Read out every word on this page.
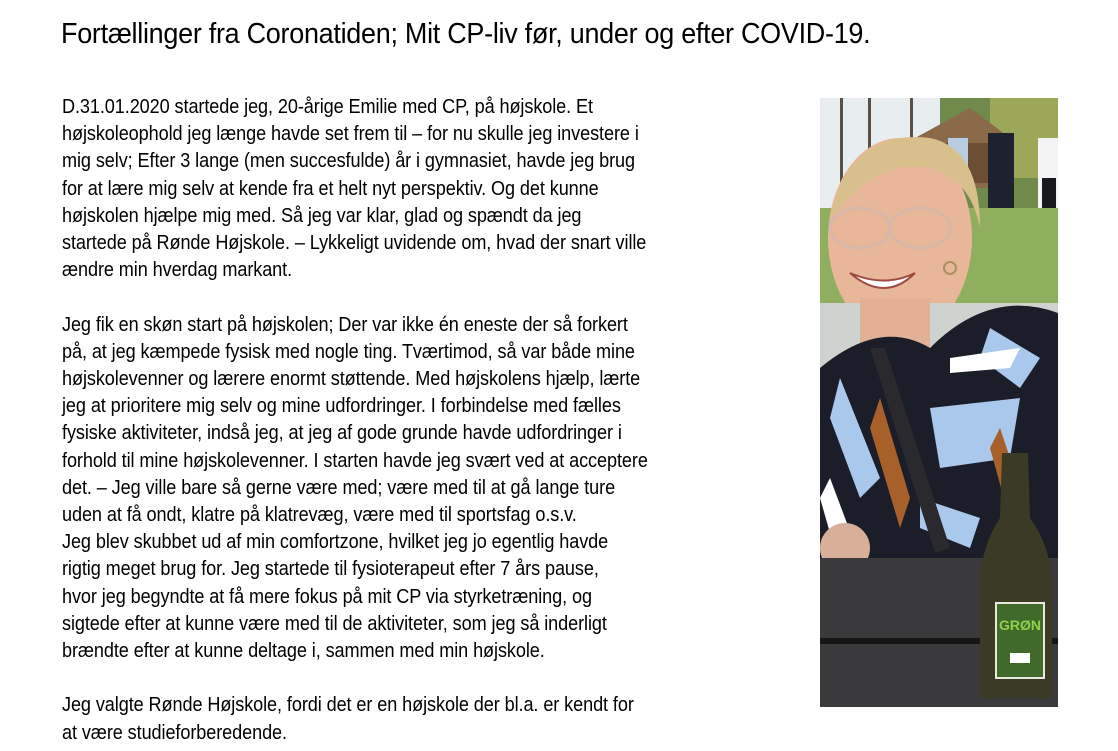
Fortællinger fra Coronatiden; Mit CP-liv før, under og efter COVID-19.
D.31.01.2020 startede jeg, 20-årige Emilie med CP, på højskole. Et
højskoleophold jeg længe havde set frem til – for nu skulle jeg investere i
mig selv; Efter 3 lange (men succesfulde) år i gymnasiet, havde jeg brug
for at lære mig selv at kende fra et helt nyt perspektiv. Og det kunne
højskolen hjælpe mig med. Så jeg var klar, glad og spændt da jeg
startede på Rønde Højskole. – Lykkeligt uvidende om, hvad der snart ville
ændre min hverdag markant.
Jeg fik en skøn start på højskolen; Der var ikke én eneste der så forkert
på, at jeg kæmpede fysisk med nogle ting. Tværtimod, så var både mine
højskolevenner og lærere enormt støttende. Med højskolens hjælp, lærte
jeg at prioritere mig selv og mine udfordringer. I forbindelse med fælles
fysiske aktiviteter, indså jeg, at jeg af gode grunde havde udfordringer i
forhold til mine højskolevenner. I starten havde jeg svært ved at acceptere
det. – Jeg ville bare så gerne være med; være med til at gå lange ture
uden at få ondt, klatre på klatrevæg, være med til sportsfag o.s.v.
Jeg blev skubbet ud af min comfortzone, hvilket jeg jo egentlig havde
rigtig meget brug for. Jeg startede til fysioterapeut efter 7 års pause,
hvor jeg begyndte at få mere fokus på mit CP via styrketræning, og
sigtede efter at kunne være med til de aktiviteter, som jeg så inderligt
brændte efter at kunne deltage i, sammen med min højskole.
Jeg valgte Rønde Højskole, fordi det er en højskole der bl.a. er kendt for
at være studieforberedende.
GRØN
